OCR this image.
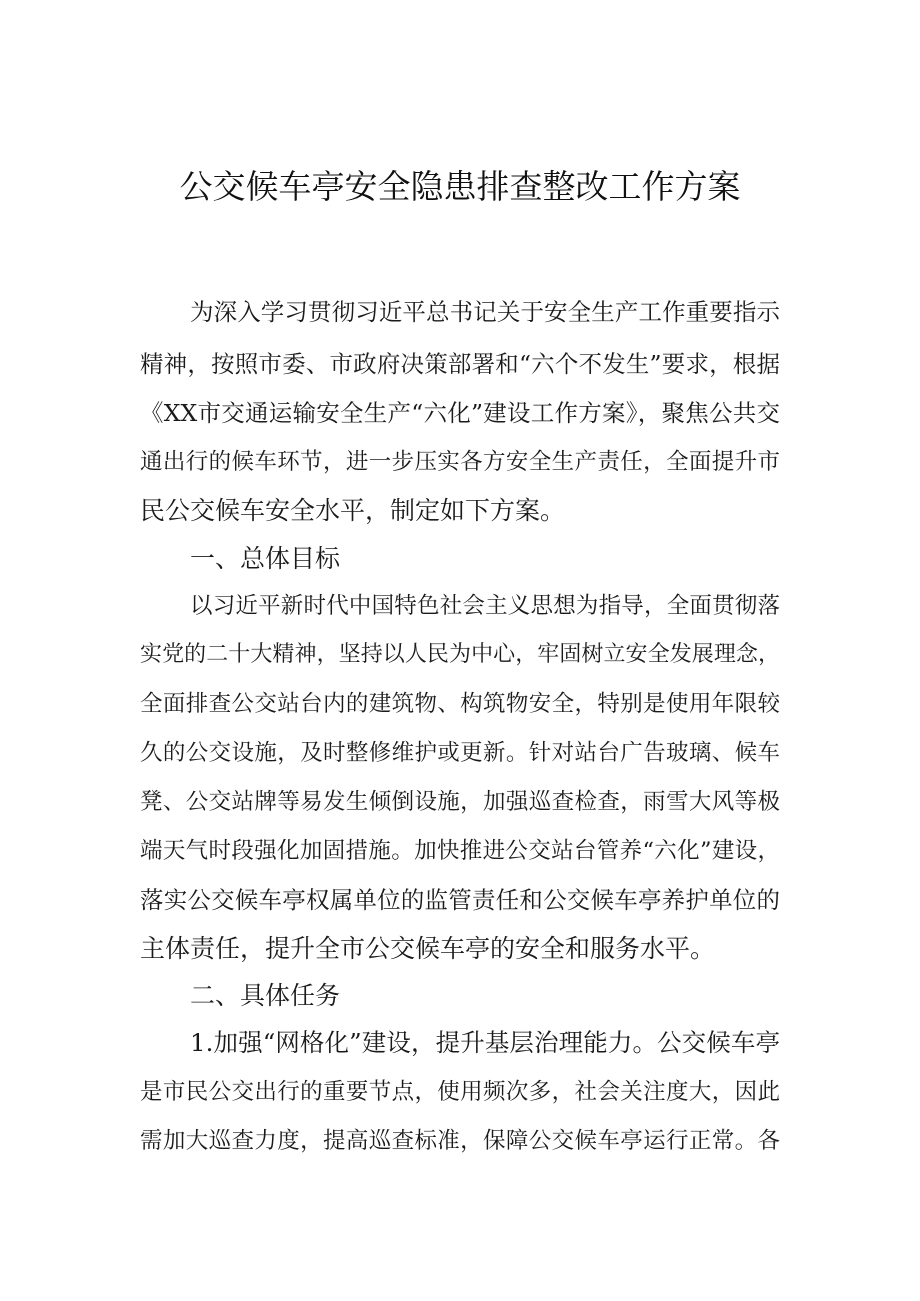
公交候车亭安全隐患排查整改工作方案
为深入学习贯彻习近平总书记关于安全生产工作重要指示
精神，按照市委、市政府决策部署和“六个不发生”要求，根据
《XX市交通运输安全生产“六化”建设工作方案》，聚焦公共交
通出行的候车环节，进一步压实各方安全生产责任，全面提升市
民公交候车安全水平，制定如下方案。
一、总体目标
以习近平新时代中国特色社会主义思想为指导，全面贯彻落
实党的二十大精神，坚持以人民为中心，牢固树立安全发展理念，
全面排查公交站台内的建筑物、构筑物安全，特别是使用年限较
久的公交设施，及时整修维护或更新。针对站台广告玻璃、候车
凳、公交站牌等易发生倾倒设施，加强巡查检查，雨雪大风等极
端天气时段强化加固措施。加快推进公交站台管养“六化”建设，
落实公交候车亭权属单位的监管责任和公交候车亭养护单位的
主体责任，提升全市公交候车亭的安全和服务水平。
二、具体任务
1.加强“网格化”建设，提升基层治理能力。公交候车亭
是市民公交出行的重要节点，使用频次多，社会关注度大，因此
需加大巡查力度，提高巡查标准，保障公交候车亭运行正常。各
